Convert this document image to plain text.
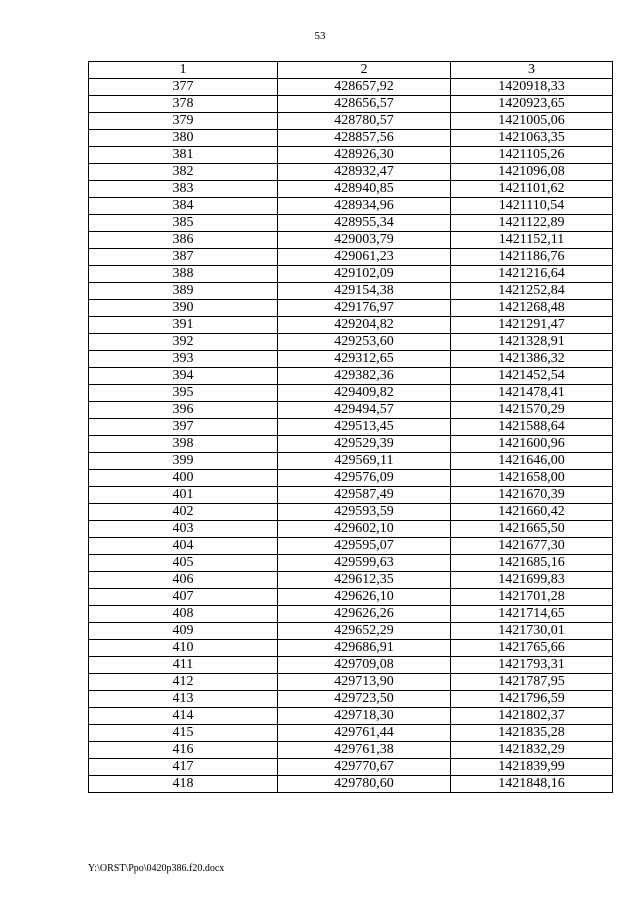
53
1	2	3
377	428657,92	1420918,33
378	428656,57	1420923,65
379	428780,57	1421005,06
380	428857,56	1421063,35
381	428926,30	1421105,26
382	428932,47	1421096,08
383	428940,85	1421101,62
384	428934,96	1421110,54
385	428955,34	1421122,89
386	429003,79	1421152,11
387	429061,23	1421186,76
388	429102,09	1421216,64
389	429154,38	1421252,84
390	429176,97	1421268,48
391	429204,82	1421291,47
392	429253,60	1421328,91
393	429312,65	1421386,32
394	429382,36	1421452,54
395	429409,82	1421478,41
396	429494,57	1421570,29
397	429513,45	1421588,64
398	429529,39	1421600,96
399	429569,11	1421646,00
400	429576,09	1421658,00
401	429587,49	1421670,39
402	429593,59	1421660,42
403	429602,10	1421665,50
404	429595,07	1421677,30
405	429599,63	1421685,16
406	429612,35	1421699,83
407	429626,10	1421701,28
408	429626,26	1421714,65
409	429652,29	1421730,01
410	429686,91	1421765,66
411	429709,08	1421793,31
412	429713,90	1421787,95
413	429723,50	1421796,59
414	429718,30	1421802,37
415	429761,44	1421835,28
416	429761,38	1421832,29
417	429770,67	1421839,99
418	429780,60	1421848,16
Y:\ORST\Ppo\0420p386.f20.docx
